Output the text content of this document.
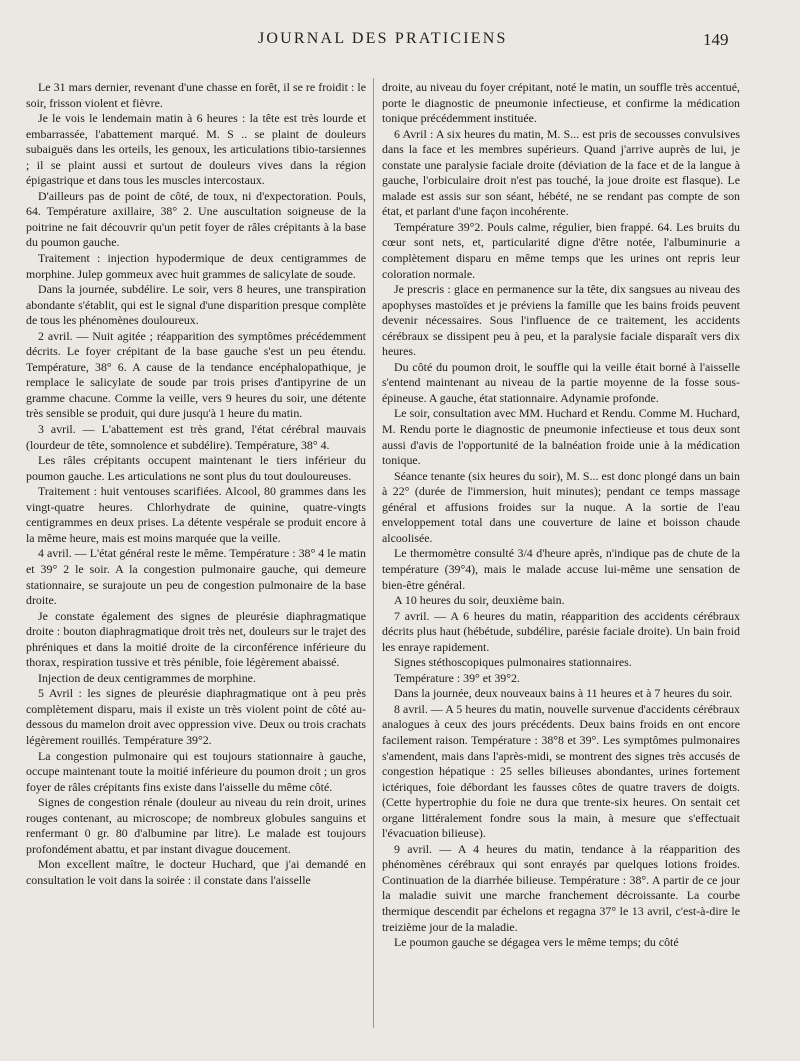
JOURNAL DES PRATICIENS	149

Le 31 mars dernier, revenant d'une chasse en forêt, il se re froidit : le soir, frisson violent et fièvre.

Je le vois le lendemain matin à 6 heures : la tête est très lourde et embarrassée, l'abattement marqué. M. S .. se plaint de douleurs subaiguës dans les orteils, les genoux, les articulations tibio-tarsiennes ; il se plaint aussi et surtout de douleurs vives dans la région épigastrique et dans tous les muscles intercostaux.

D'ailleurs pas de point de côté, de toux, ni d'expectoration. Pouls, 64. Température axillaire, 38° 2. Une auscultation soigneuse de la poitrine ne fait découvrir qu'un petit foyer de râles crépitants à la base du poumon gauche.

Traitement : injection hypodermique de deux centigrammes de morphine. Julep gommeux avec huit grammes de salicylate de soude.

Dans la journée, subdélire. Le soir, vers 8 heures, une transpiration abondante s'établit, qui est le signal d'une disparition presque complète de tous les phénomènes douloureux.

2 avril. — Nuit agitée ; réapparition des symptômes précédemment décrits. Le foyer crépitant de la base gauche s'est un peu étendu. Température, 38° 6. A cause de la tendance encéphalopathique, je remplace le salicylate de soude par trois prises d'antipyrine de un gramme chacune. Comme la veille, vers 9 heures du soir, une détente très sensible se produit, qui dure jusqu'à 1 heure du matin.

3 avril. — L'abattement est très grand, l'état cérébral mauvais (lourdeur de tête, somnolence et subdélire). Température, 38° 4.

Les râles crépitants occupent maintenant le tiers inférieur du poumon gauche. Les articulations ne sont plus du tout douloureuses.

Traitement : huit ventouses scarifiées. Alcool, 80 grammes dans les vingt-quatre heures. Chlorhydrate de quinine, quatre-vingts centigrammes en deux prises. La détente vespérale se produit encore à la même heure, mais est moins marquée que la veille.

4 avril. — L'état général reste le même. Température : 38° 4 le matin et 39° 2 le soir. A la congestion pulmonaire gauche, qui demeure stationnaire, se surajoute un peu de congestion pulmonaire de la base droite.

Je constate également des signes de pleurésie diaphragmatique droite : bouton diaphragmatique droit très net, douleurs sur le trajet des phréniques et dans la moitié droite de la circonférence inférieure du thorax, respiration tussive et très pénible, foie légèrement abaissé.

Injection de deux centigrammes de morphine.

5 Avril : les signes de pleurésie diaphragmatique ont à peu près complètement disparu, mais il existe un très violent point de côté au-dessous du mamelon droit avec oppression vive. Deux ou trois crachats légèrement rouillés. Température 39°2.

La congestion pulmonaire qui est toujours stationnaire à gauche, occupe maintenant toute la moitié inférieure du poumon droit ; un gros foyer de râles crépitants fins existe dans l'aisselle du même côté.

Signes de congestion rénale (douleur au niveau du rein droit, urines rouges contenant, au microscope; de nombreux globules sanguins et renfermant 0 gr. 80 d'albumine par litre). Le malade est toujours profondément abattu, et par instant divague doucement.

Mon excellent maître, le docteur Huchard, que j'ai demandé en consultation le voit dans la soirée : il constate dans l'aisselle

droite, au niveau du foyer crépitant, noté le matin, un souffle très accentué, porte le diagnostic de pneumonie infectieuse, et confirme la médication tonique précédemment instituée.

6 Avril : A six heures du matin, M. S... est pris de secousses convulsives dans la face et les membres supérieurs. Quand j'arrive auprès de lui, je constate une paralysie faciale droite (déviation de la face et de la langue à gauche, l'orbiculaire droit n'est pas touché, la joue droite est flasque). Le malade est assis sur son séant, hébété, ne se rendant pas compte de son état, et parlant d'une façon incohérente.

Température 39°2. Pouls calme, régulier, bien frappé. 64. Les bruits du cœur sont nets, et, particularité digne d'être notée, l'albuminurie a complètement disparu en même temps que les urines ont repris leur coloration normale.

Je prescris : glace en permanence sur la tête, dix sangsues au niveau des apophyses mastoïdes et je préviens la famille que les bains froids peuvent devenir nécessaires. Sous l'influence de ce traitement, les accidents cérébraux se dissipent peu à peu, et la paralysie faciale disparaît vers dix heures.

Du côté du poumon droit, le souffle qui la veille était borné à l'aisselle s'entend maintenant au niveau de la partie moyenne de la fosse sous-épineuse. A gauche, état stationnaire. Adynamie profonde.

Le soir, consultation avec MM. Huchard et Rendu. Comme M. Huchard, M. Rendu porte le diagnostic de pneumonie infectieuse et tous deux sont aussi d'avis de l'opportunité de la balnéation froide unie à la médication tonique.

Séance tenante (six heures du soir), M. S... est donc plongé dans un bain à 22° (durée de l'immersion, huit minutes); pendant ce temps massage général et affusions froides sur la nuque. A la sortie de l'eau enveloppement total dans une couverture de laine et boisson chaude alcoolisée.

Le thermomètre consulté 3/4 d'heure après, n'indique pas de chute de la température (39°4), mais le malade accuse lui-même une sensation de bien-être général.

A 10 heures du soir, deuxième bain.

7 avril. — A 6 heures du matin, réapparition des accidents cérébraux décrits plus haut (hébétude, subdélire, parésie faciale droite). Un bain froid les enraye rapidement.

Signes stéthoscopiques pulmonaires stationnaires.

Température : 39° et 39°2.

Dans la journée, deux nouveaux bains à 11 heures et à 7 heures du soir.

8 avril. — A 5 heures du matin, nouvelle survenue d'accidents cérébraux analogues à ceux des jours précédents. Deux bains froids en ont encore facilement raison. Température : 38°8 et 39°. Les symptômes pulmonaires s'amendent, mais dans l'après-midi, se montrent des signes très accusés de congestion hépatique : 25 selles bilieuses abondantes, urines fortement ictériques, foie débordant les fausses côtes de quatre travers de doigts. (Cette hypertrophie du foie ne dura que trente-six heures. On sentait cet organe littéralement fondre sous la main, à mesure que s'effectuait l'évacuation bilieuse).

9 avril. — A 4 heures du matin, tendance à la réapparition des phénomènes cérébraux qui sont enrayés par quelques lotions froides. Continuation de la diarrhée bilieuse. Température : 38°. A partir de ce jour la maladie suivit une marche franchement décroissante. La courbe thermique descendit par échelons et regagna 37° le 13 avril, c'est-à-dire le treizième jour de la maladie.

Le poumon gauche se dégagea vers le même temps; du côté
